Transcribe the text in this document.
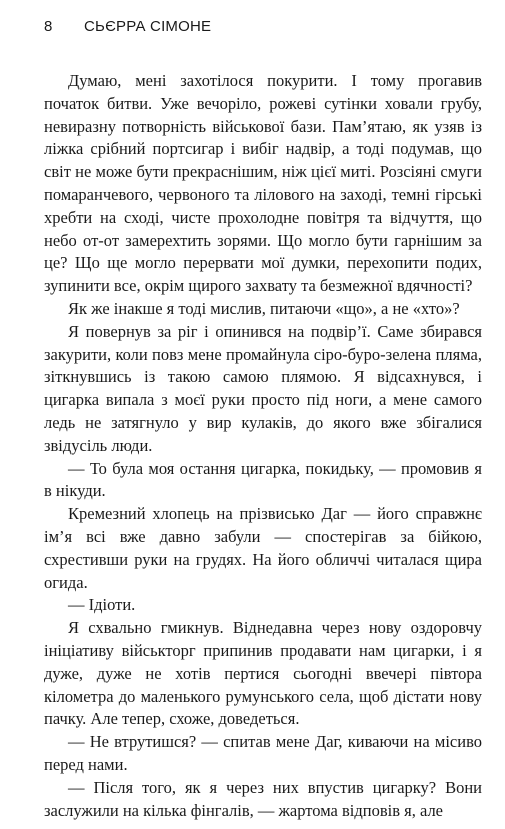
8 СЬЄРРА СІМОНЕ

Думаю, мені захотілося покурити. І тому прогавив початок битви. Уже вечоріло, рожеві сутінки ховали грубу, невиразну потворність військової бази. Пам’ятаю, як узяв із ліжка срібний портсигар і вибіг надвір, а тоді подумав, що світ не може бути прекраснішим, ніж цієї миті. Розсіяні смуги помаранчевого, червоного та лілового на заході, темні гірські хребти на сході, чисте прохолодне повітря та відчуття, що небо от-от замерехтить зорями. Що могло бути гарнішим за це? Що ще могло перервати мої думки, перехопити подих, зупинити все, окрім щирого захвату та безмежної вдячності?

Як же інакше я тоді мислив, питаючи «що», а не «хто»?

Я повернув за ріг і опинився на подвір’ї. Саме збирався закурити, коли повз мене промайнула сіро-буро-зелена пляма, зіткнувшись із такою самою плямою. Я відсахнувся, і цигарка випала з моєї руки просто під ноги, а мене самого ледь не затягнуло у вир кулаків, до якого вже збігалися звідусіль люди.

— То була моя остання цигарка, покидьку, — промовив я в нікуди.

Кремезний хлопець на прізвисько Даг — його справжнє ім’я всі вже давно забули — спостерігав за бійкою, схрестивши руки на грудях. На його обличчі читалася щира огида.

— Ідіоти.

Я схвально гмикнув. Віднедавна через нову оздоровчу ініціативу військторг припинив продавати нам цигарки, і я дуже, дуже не хотів пертися сьогодні ввечері півтора кілометра до маленького румунського села, щоб дістати нову пачку. Але тепер, схоже, доведеться.

— Не втрутишся? — спитав мене Даг, киваючи на місиво перед нами.

— Після того, як я через них впустив цигарку? Вони заслужили на кілька фінгалів, — жартома відповів я, але
